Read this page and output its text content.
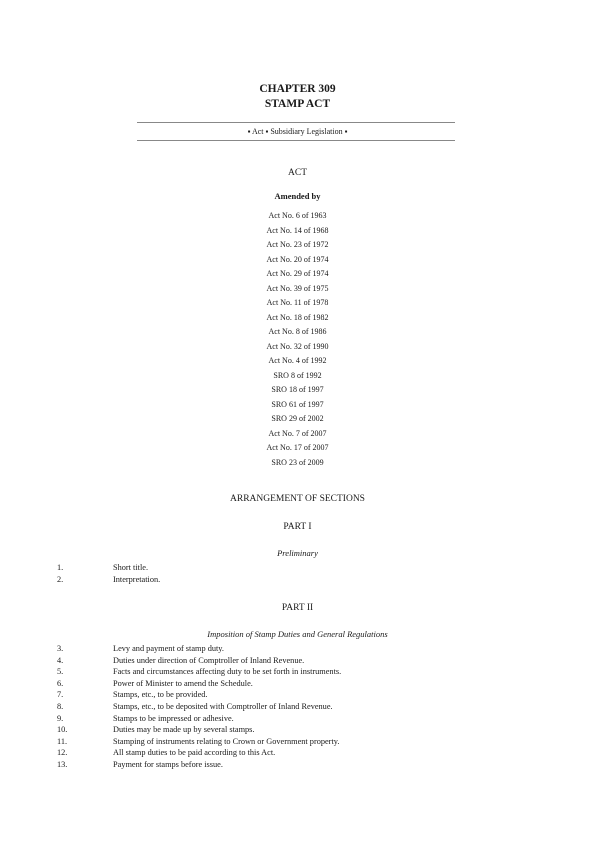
CHAPTER 309
STAMP ACT
▪ Act ▪ Subsidiary Legislation ▪
ACT
Amended by
Act No. 6 of 1963
Act No. 14 of 1968
Act No. 23 of 1972
Act No. 20 of 1974
Act No. 29 of 1974
Act No. 39 of 1975
Act No. 11 of 1978
Act No. 18 of 1982
Act No. 8 of 1986
Act No. 32 of 1990
Act No. 4 of 1992
SRO 8 of 1992
SRO 18 of 1997
SRO 61 of 1997
SRO 29 of 2002
Act No. 7 of 2007
Act No. 17 of 2007
SRO 23 of 2009
ARRANGEMENT OF SECTIONS
PART I
Preliminary
1.	Short title.
2.	Interpretation.
PART II
Imposition of Stamp Duties and General Regulations
3.	Levy and payment of stamp duty.
4.	Duties under direction of Comptroller of Inland Revenue.
5.	Facts and circumstances affecting duty to be set forth in instruments.
6.	Power of Minister to amend the Schedule.
7.	Stamps, etc., to be provided.
8.	Stamps, etc., to be deposited with Comptroller of Inland Revenue.
9.	Stamps to be impressed or adhesive.
10.	Duties may be made up by several stamps.
11.	Stamping of instruments relating to Crown or Government property.
12.	All stamp duties to be paid according to this Act.
13.	Payment for stamps before issue.
